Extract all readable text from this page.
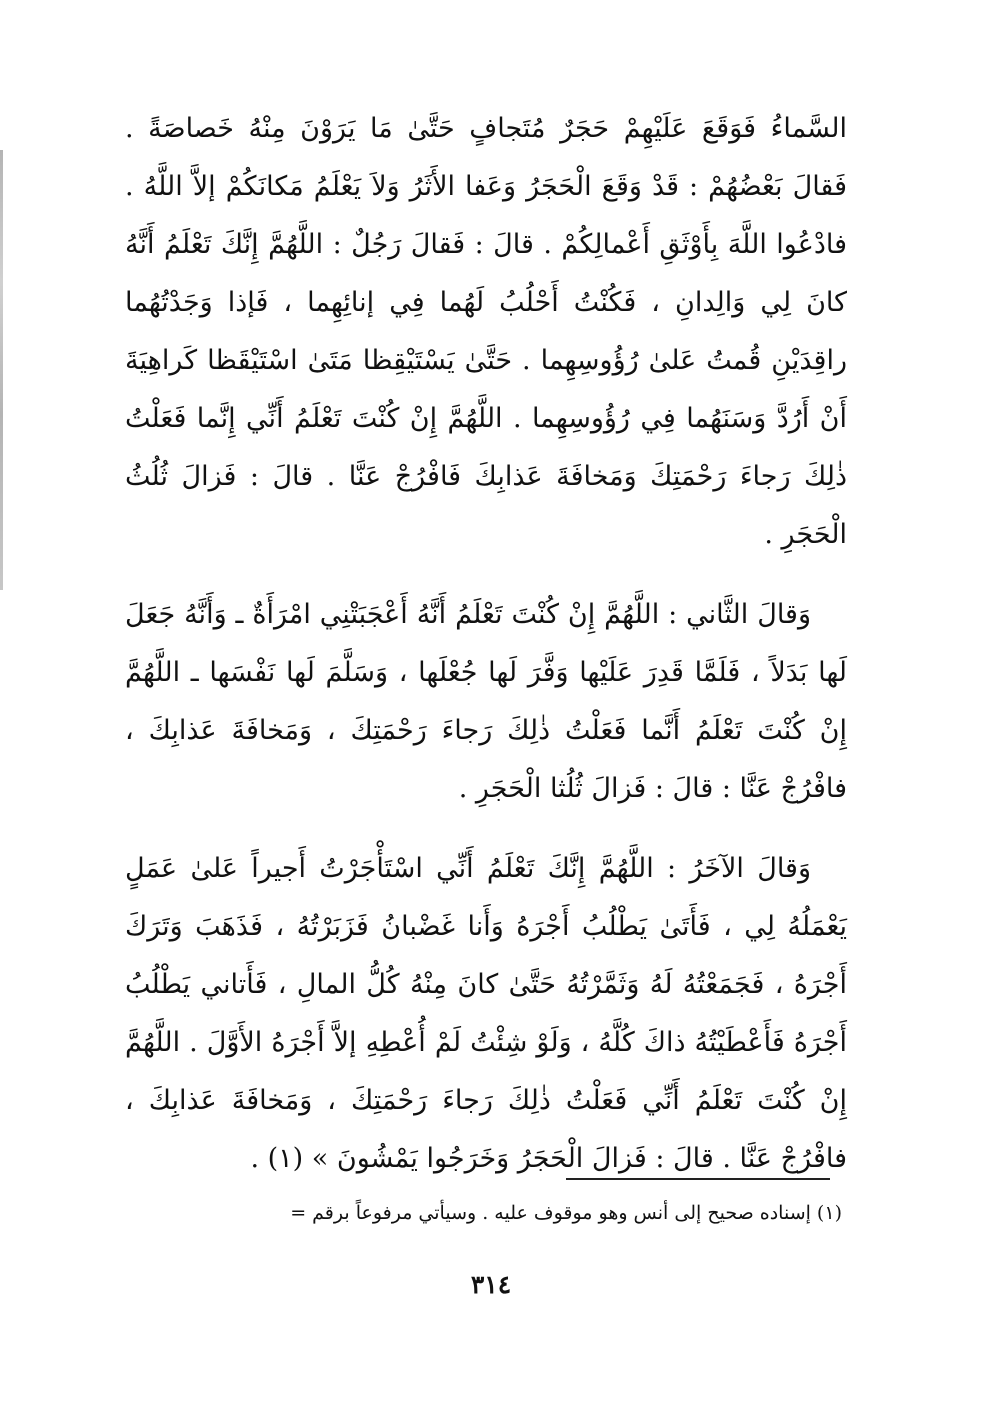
السَّماءُ فَوَقَعَ عَلَيْهِمْ حَجَرٌ مُتَجافٍ حَتَّىٰ مَا يَرَوْنَ مِنْهُ خَصاصَةً . فَقالَ بَعْضُهُمْ : قَدْ وَقَعَ الْحَجَرُ وَعَفا الأَثَرُ وَلاَ يَعْلَمُ مَكانَكُمْ إلاَّ اللَّهُ . فادْعُوا اللَّهَ بِأَوْثَقِ أَعْمالِكُمْ . قالَ : فَقالَ رَجُلٌ : اللَّهُمَّ إِنَّكَ تَعْلَمُ أَنَّهُ كانَ لِي وَالِدانِ ، فَكُنْتُ أَحْلُبُ لَهُما فِي إنائِهِما ، فَإذا وَجَدْتُهُما راقِدَيْنِ قُمتُ عَلىٰ رُؤُوسِهِما . حَتَّىٰ يَسْتَيْقِظا مَتَىٰ اسْتَيْقَظا كَراهِيَةَ أَنْ أَرُدَّ وَسَنَهُما فِي رُؤُوسِهِما . اللَّهُمَّ إِنْ كُنْتَ تَعْلَمُ أَنِّي إِنَّما فَعَلْتُ ذٰلِكَ رَجاءَ رَحْمَتِكَ وَمَخافَةَ عَذابِكَ فَافْرُجْ عَنَّا . قالَ : فَزالَ ثُلُثُ الْحَجَرِ .

وَقالَ الثَّاني : اللَّهُمَّ إِنْ كُنْتَ تَعْلَمُ أَنَّهُ أَعْجَبَتْنِي امْرَأَةٌ ـ وَأَنَّهُ جَعَلَ لَها بَدَلاً ، فَلَمَّا قَدِرَ عَلَيْها وَفَّرَ لَها جُعْلَها ، وَسَلَّمَ لَها نَفْسَها ـ اللَّهُمَّ إِنْ كُنْتَ تَعْلَمُ أَنَّما فَعَلْتُ ذٰلِكَ رَجاءَ رَحْمَتِكَ ، وَمَخافَةَ عَذابِكَ ، فافْرُجْ عَنَّا : قالَ : فَزالَ ثُلُثا الْحَجَرِ .

وَقالَ الآخَرُ : اللَّهُمَّ إِنَّكَ تَعْلَمُ أَنِّي اسْتَأْجَرْتُ أَجيراً عَلىٰ عَمَلٍ يَعْمَلُهُ لِي ، فَأَتَىٰ يَطْلُبُ أَجْرَهُ وَأَنا غَضْبانُ فَزَبَرْتُهُ ، فَذَهَبَ وَتَرَكَ أَجْرَهُ ، فَجَمَعْتُهُ لَهُ وَثَمَّرْتُهُ حَتَّىٰ كانَ مِنْهُ كُلُّ المالِ ، فَأَتاني يَطْلُبُ أَجْرَهُ فَأَعْطَيْتُهُ ذاكَ كُلَّهُ ، وَلَوْ شِئْتُ لَمْ أُعْطِهِ إلاَّ أَجْرَهُ الأَوَّلَ . اللَّهُمَّ إِنْ كُنْتَ تَعْلَمُ أَنِّي فَعَلْتُ ذٰلِكَ رَجاءَ رَحْمَتِكَ ، وَمَخافَةَ عَذابِكَ ، فافْرُجْ عَنَّا . قالَ : فَزالَ الْحَجَرُ وَخَرَجُوا يَمْشُونَ » (١) .

(١) إسناده صحيح إلى أنس وهو موقوف عليه . وسيأتي مرفوعاً برقم =
٣١٤
